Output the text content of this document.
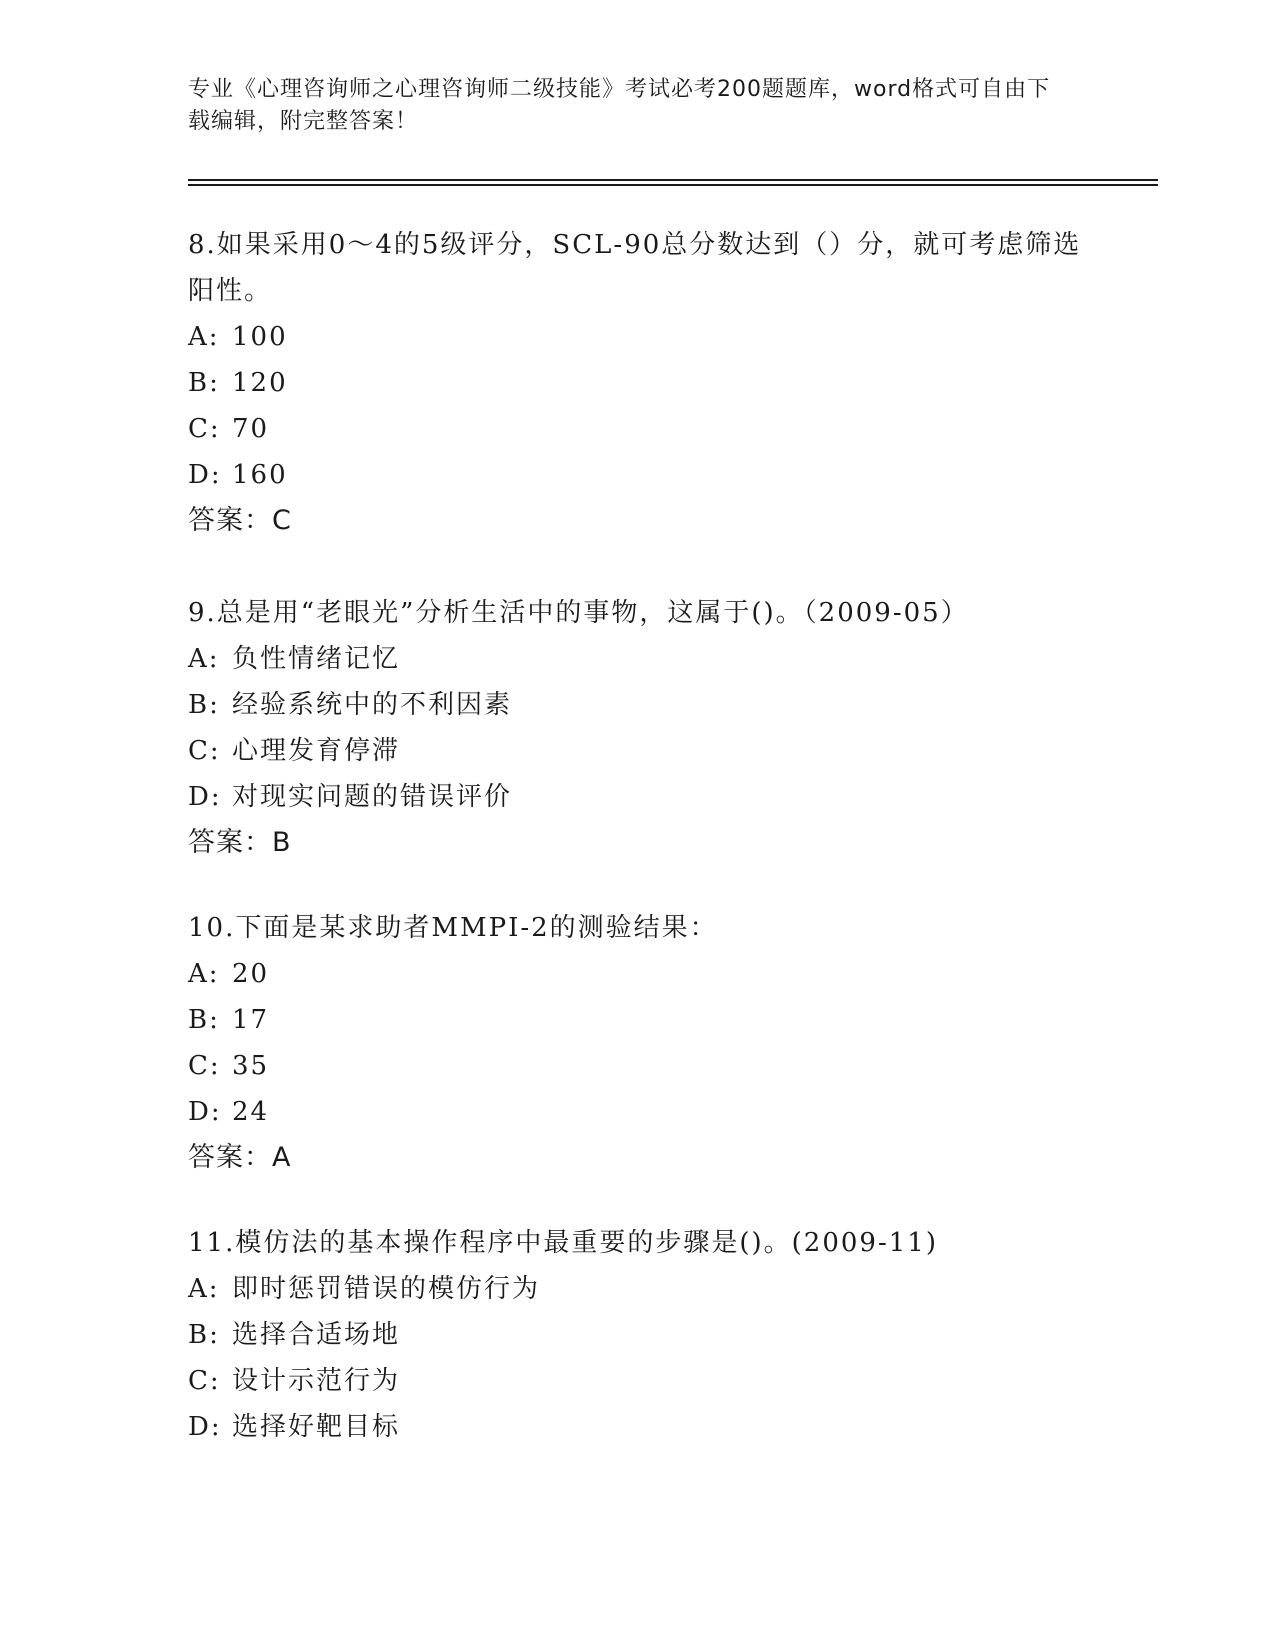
专业《心理咨询师之心理咨询师二级技能》考试必考200题题库，word格式可自由下载编辑，附完整答案！

8.如果采用0～4的5级评分，SCL-90总分数达到（）分，就可考虑筛选阳性。

A: 100
B: 120
C: 70
D: 160
答案：C

9.总是用“老眼光”分析生活中的事物，这属于()。（2009-05）

A: 负性情绪记忆
B: 经验系统中的不利因素
C: 心理发育停滞
D: 对现实问题的错误评价
答案：B

10.下面是某求助者MMPI-2的测验结果：

A: 20
B: 17
C: 35
D: 24
答案：A

11.模仿法的基本操作程序中最重要的步骤是()。(2009-11)

A: 即时惩罚错误的模仿行为
B: 选择合适场地
C: 设计示范行为
D: 选择好靶目标
